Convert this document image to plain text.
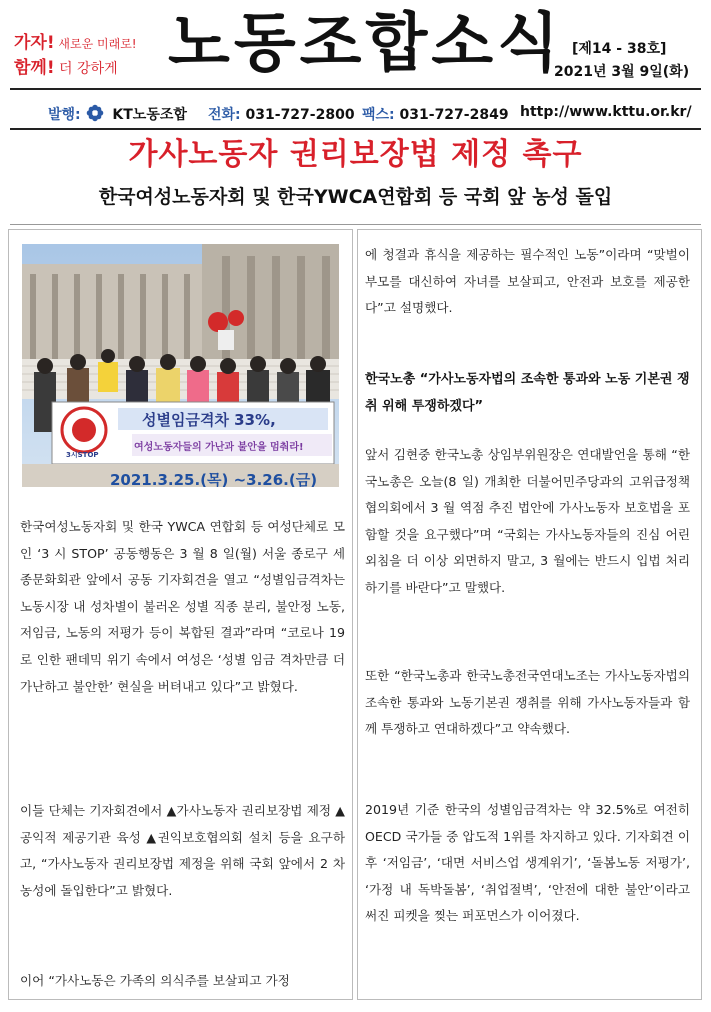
가자! 새로운 미래로!
함께! 더 강하게 노동조합소식 [제14 - 38호]
2021년 3월 9일(화)
발행: KT노동조합 전화: 031-727-2800 팩스: 031-727-2849 http://www.kttu.or.kr/
가사노동자 권리보장법 제정 촉구
한국여성노동자회 및 한국YWCA연합회 등 국회 앞 농성 돌입
성별임금격차 33%,
여성노동자들의 가난과 불안을 멈춰라!
3시STOP
2021.3.25.(목) ~3.26.(금)

한국여성노동자회 및 한국 YWCA 연합회 등 여성단체로 모인 ‘3 시 STOP’ 공동행동은 3 월 8 일(월) 서울 종로구 세종문화회관 앞에서 공동 기자회견을 열고 “성별임금격차는 노동시장 내 성차별이 불러온 성별 직종 분리, 불안정 노동, 저임금, 노동의 저평가 등이 복합된 결과”라며 “코로나 19 로 인한 팬데믹 위기 속에서 여성은 ‘성별 임금 격차만큼 더 가난하고 불안한’ 현실을 버텨내고 있다”고 밝혔다.

이들 단체는 기자회견에서 ▲가사노동자 권리보장법 제정 ▲공익적 제공기관 육성 ▲권익보호협의회 설치 등을 요구하고, “가사노동자 권리보장법 제정을 위해 국회 앞에서 2 차 농성에 돌입한다”고 밝혔다.

이어 “가사노동은 가족의 의식주를 보살피고 가정

에 청결과 휴식을 제공하는 필수적인 노동”이라며 “맞벌이 부모를 대신하여 자녀를 보살피고, 안전과 보호를 제공한다”고 설명했다.

한국노총 “가사노동자법의 조속한 통과와 노동 기본권 쟁취 위해 투쟁하겠다”

앞서 김현중 한국노총 상임부위원장은 연대발언을 통해 “한국노총은 오늘(8 일) 개최한 더불어민주당과의 고위급정책협의회에서 3 월 역점 추진 법안에 가사노동자 보호법을 포함할 것을 요구했다”며 “국회는 가사노동자들의 진심 어린 외침을 더 이상 외면하지 말고, 3 월에는 반드시 입법 처리하기를 바란다”고 말했다.

또한 “한국노총과 한국노총전국연대노조는 가사노동자법의 조속한 통과와 노동기본권 쟁취를 위해 가사노동자들과 함께 투쟁하고 연대하겠다”고 약속했다.

2019년 기준 한국의 성별임금격차는 약 32.5%로 여전히 OECD 국가들 중 압도적 1위를 차지하고 있다. 기자회견 이후 ‘저임금’, ‘대면 서비스업 생계위기’, ‘돌봄노동 저평가’, ‘가정 내 독박돌봄’, ‘취업절벽’, ‘안전에 대한 불안’이라고 써진 피켓을 찢는 퍼포먼스가 이어졌다.
